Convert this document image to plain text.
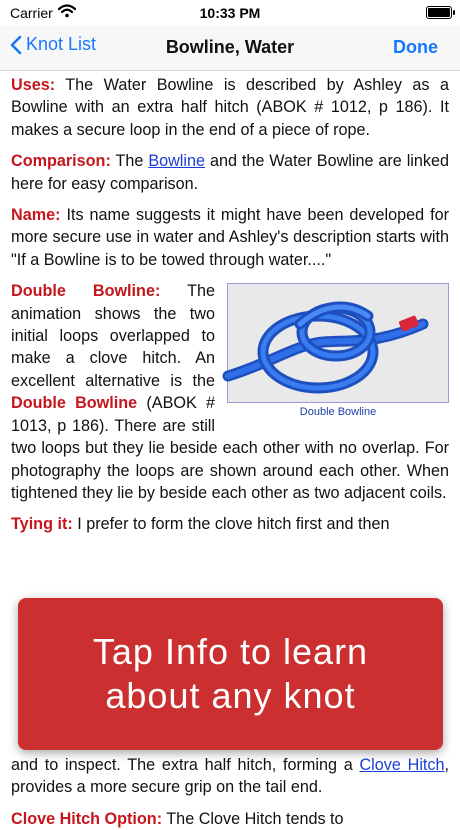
Carrier	10:33 PM
Knot List	Bowline, Water	Done

Uses: The Water Bowline is described by Ashley as a Bowline with an extra half hitch (ABOK # 1012, p 186). It makes a secure loop in the end of a piece of rope.

Comparison: The Bowline and the Water Bowline are linked here for easy comparison.

Name: Its name suggests it might have been developed for more secure use in water and Ashley's description starts with "If a Bowline is to be towed through water...."

Double Bowline

Double Bowline: The animation shows the two initial loops overlapped to make a clove hitch. An excellent alternative is the Double Bowline (ABOK # 1013, p 186). There are still two loops but they lie beside each other with no overlap. For photography the loops are shown around each other. When tightened they lie by beside each other as two adjacent coils.

Tying it: I prefer to form the clove hitch first and then

and to inspect. The extra half hitch, forming a Clove Hitch, provides a more secure grip on the tail end.
Clove Hitch Option: The Clove Hitch tends to
Tap Info to learn
about any knot
